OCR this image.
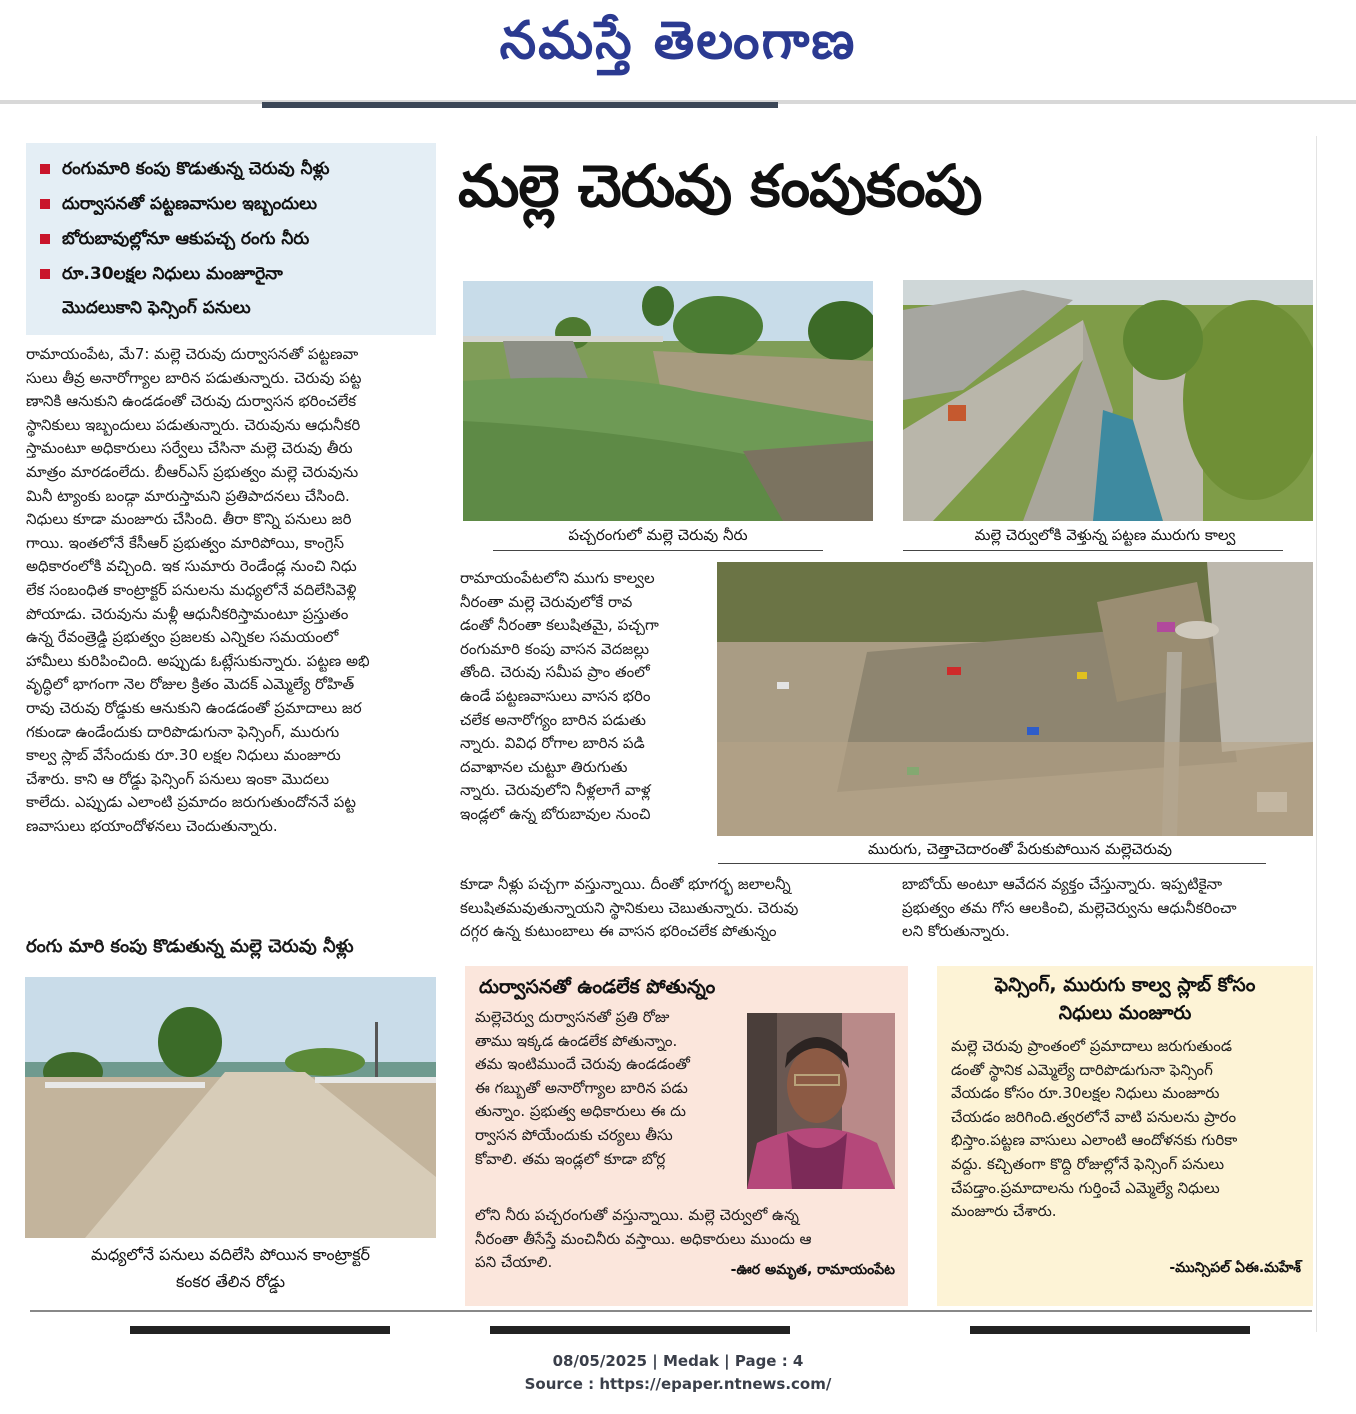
నమస్తే తెలంగాణ
రంగుమారి కంపు కొడుతున్న చెరువు నీళ్లు
దుర్వాసనతో పట్టణవాసుల ఇబ్బందులు
బోరుబావుల్లోనూ ఆకుపచ్చ రంగు నీరు
రూ.30లక్షల నిధులు మంజూరైనా
మొదలుకాని ఫెన్సింగ్ పనులు
మల్లె చెరువు కంపుకంపు
రామాయంపేట, మే7: మల్లె చెరువు దుర్వాసనతో పట్టణవా
సులు తీవ్ర అనారోగ్యాల బారిన పడుతున్నారు. చెరువు పట్ట
ణానికి ఆనుకుని ఉండడంతో చెరువు దుర్వాసన భరించలేక
స్థానికులు ఇబ్బందులు పడుతున్నారు. చెరువును ఆధునీకరి
స్తామంటూ అధికారులు సర్వేలు చేసినా మల్లె చెరువు తీరు
మాత్రం మారడంలేదు. బీఆర్ఎస్ ప్రభుత్వం మల్లె చెరువును
మినీ ట్యాంకు బండ్గా మారుస్తామని ప్రతిపాదనలు చేసింది.
నిధులు కూడా మంజూరు చేసింది. తీరా కొన్ని పనులు జరి
గాయి. ఇంతలోనే కేసీఆర్ ప్రభుత్వం మారిపోయి, కాంగ్రెస్
అధికారంలోకి వచ్చింది. ఇక సుమారు రెండేండ్ల నుంచి నిధు
లేక సంబంధిత కాంట్రాక్టర్ పనులను మధ్యలోనే వదిలేసివెళ్లి
పోయాడు. చెరువును మళ్లీ ఆధునీకరిస్తామంటూ ప్రస్తుతం
ఉన్న రేవంత్రెడ్డి ప్రభుత్వం ప్రజలకు ఎన్నికల సమయంలో
హామీలు కురిపించింది. అప్పుడు ఓట్లేసుకున్నారు. పట్టణ అభి
వృద్ధిలో భాగంగా నెల రోజుల క్రితం మెదక్ ఎమ్మెల్యే రోహిత్
రావు చెరువు రోడ్డుకు ఆనుకుని ఉండడంతో ప్రమాదాలు జర
గకుండా ఉండేందుకు దారిపొడుగునా ఫెన్సింగ్, మురుగు
కాల్వ స్లాబ్ వేసేందుకు రూ.30 లక్షల నిధులు మంజూరు
చేశారు. కాని ఆ రోడ్డు ఫెన్సింగ్ పనులు ఇంకా మొదలు
కాలేదు. ఎప్పుడు ఎలాంటి ప్రమాదం జరుగుతుందోననే పట్ట
ణవాసులు భయాందోళనలు చెందుతున్నారు.
రంగు మారి కంపు కొడుతున్న మల్లె చెరువు నీళ్లు
పచ్చరంగులో మల్లె చెరువు నీరు	మల్లె చెర్వులోకి వెళ్తున్న పట్టణ మురుగు కాల్వ
రామాయంపేటలోని ముగు కాల్వల
నీరంతా మల్లె చెరువులోకే రావ
డంతో నీరంతా కలుషితమై, పచ్చగా
రంగుమారి కంపు వాసన వెదజల్లు
తోంది. చెరువు సమీప ప్రాం తంలో
ఉండే పట్టణవాసులు వాసన భరిం
చలేక అనారోగ్యం బారిన పడుతు
న్నారు. వివిధ రోగాల బారిన పడి
దవాఖానల చుట్టూ తిరుగుతు
న్నారు. చెరువులోని నీళ్లలాగే వాళ్ల
ఇండ్లలో ఉన్న బోరుబావుల నుంచి
మురుగు, చెత్తాచెదారంతో పేరుకుపోయిన మల్లెచెరువు
కూడా నీళ్లు పచ్చగా వస్తున్నాయి. దీంతో భూగర్భ జలాలన్నీ
కలుషితమవుతున్నాయని స్థానికులు చెబుతున్నారు. చెరువు
దగ్గర ఉన్న కుటుంబాలు ఈ వాసన భరించలేక పోతున్నం
బాబోయ్ అంటూ ఆవేదన వ్యక్తం చేస్తున్నారు. ఇప్పటికైనా
ప్రభుత్వం తమ గోస ఆలకించి, మల్లెచెర్వును ఆధునీకరించా
లని కోరుతున్నారు.
మధ్యలోనే పనులు వదిలేసి పోయిన కాంట్రాక్టర్
కంకర తేలిన రోడ్డు
దుర్వాసనతో ఉండలేక పోతున్నం
మల్లెచెర్వు దుర్వాసనతో ప్రతి రోజు
తాము ఇక్కడ ఉండలేక పోతున్నాం.
తమ ఇంటిముందే చెరువు ఉండడంతో
ఈ గబ్బుతో అనారోగ్యాల బారిన పడు
తున్నాం. ప్రభుత్వ అధికారులు ఈ దు
ర్వాసన పోయేందుకు చర్యలు తీసు
కోవాలి. తమ ఇండ్లలో కూడా బోర్ల
లోని నీరు పచ్చరంగుతో వస్తున్నాయి. మల్లె చెర్వులో ఉన్న
నీరంతా తీసేస్తే మంచినీరు వస్తాయి. అధికారులు ముందు ఆ
పని చేయాలి.	-ఊర అమృత, రామాయంపేట
ఫెన్సింగ్, మురుగు కాల్వ స్లాబ్ కోసం
నిధులు మంజూరు
మల్లె చెరువు ప్రాంతంలో ప్రమాదాలు జరుగుతుండ
డంతో స్థానిక ఎమ్మెల్యే దారిపొడుగునా ఫెన్సింగ్
వేయడం కోసం రూ.30లక్షల నిధులు మంజూరు
చేయడం జరిగింది.త్వరలోనే వాటి పనులను ప్రారం
భిస్తాం.పట్టణ వాసులు ఎలాంటి ఆందోళనకు గురికా
వద్దు. కచ్చితంగా కొద్ది రోజుల్లోనే ఫెన్సింగ్ పనులు
చేపడ్తాం.ప్రమాదాలను గుర్తించే ఎమ్మెల్యే నిధులు
మంజూరు చేశారు.
-మున్సిపల్ ఏఈ.మహేశ్
08/05/2025 | Medak | Page : 4
Source : https://epaper.ntnews.com/
